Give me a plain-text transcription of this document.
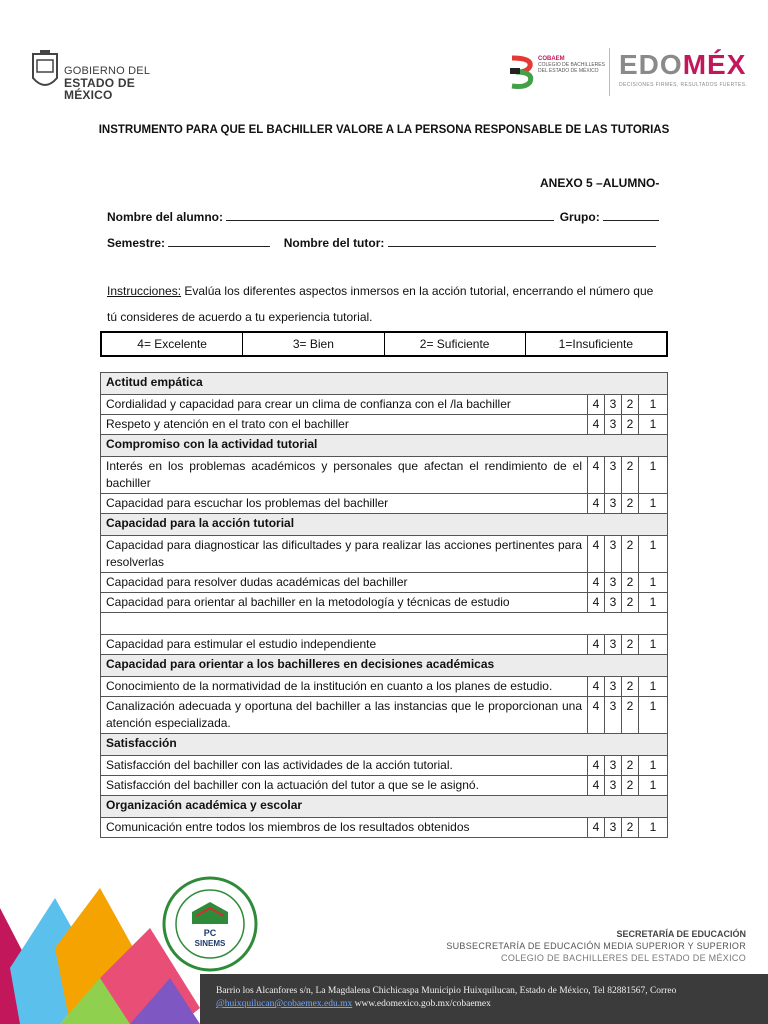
GOBIERNO DEL
ESTADO DE MÉXICO
COBAEM
COLEGIO DE BACHILLERES DEL ESTADO DE MÉXICO EDOMÉX
DECISIONES FIRMES, RESULTADOS FUERTES.
INSTRUMENTO PARA QUE EL BACHILLER VALORE A LA PERSONA RESPONSABLE DE LAS TUTORIAS
ANEXO 5 –ALUMNO-
Nombre del alumno:	Grupo:
Semestre:	Nombre del tutor:
Instrucciones: Evalúa los diferentes aspectos inmersos en la acción tutorial, encerrando el número que tú consideres de acuerdo a tu experiencia tutorial.
4= Excelente	3= Bien	2= Suficiente	1=Insuficiente
Actitud empática				
Cordialidad y capacidad para crear un clima de confianza con el /la bachiller	4	3	2	1
Respeto y atención en el trato con el bachiller	4	3	2	1
Compromiso con la actividad tutorial				
Interés en los problemas académicos y personales que afectan el rendimiento de el bachiller	4	3	2	1
Capacidad para escuchar los problemas del bachiller	4	3	2	1
Capacidad para la acción tutorial				
Capacidad para diagnosticar las dificultades y para realizar las acciones pertinentes para resolverlas	4	3	2	1
Capacidad para resolver dudas académicas del bachiller	4	3	2	1
Capacidad para orientar al bachiller en la metodología y técnicas de estudio	4	3	2	1

Capacidad para estimular el estudio independiente	4	3	2	1
Capacidad para orientar a los bachilleres en decisiones académicas				
Conocimiento de la normatividad de la institución en cuanto a los planes de estudio.	4	3	2	1
Canalización adecuada y oportuna del bachiller a las instancias que le proporcionan una atención especializada.	4	3	2	1
Satisfacción				
Satisfacción del bachiller con las actividades de la acción tutorial.	4	3	2	1
Satisfacción del bachiller con la actuación del tutor a que se le asignó.	4	3	2	1
Organización académica y escolar				
Comunicación entre todos los miembros de los resultados obtenidos	4	3	2	1
PC
SINEMS
SECRETARÍA DE EDUCACIÓN
SUBSECRETARÍA DE EDUCACIÓN MEDIA SUPERIOR Y SUPERIOR
COLEGIO DE BACHILLERES DEL ESTADO DE MÉXICO
Barrio los Alcanfores s/n, La Magdalena Chichicaspa Municipio Huixquilucan, Estado de México, Tel 82881567, Correo
@huixquilucan@cobaemex.edu.mx www.edomexico.gob.mx/cobaemex
